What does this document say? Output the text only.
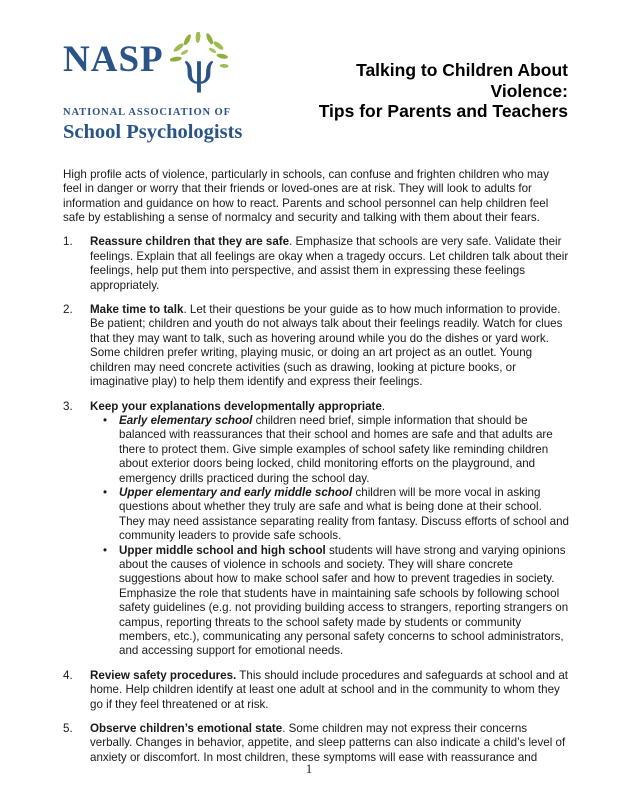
NASP ψ
NATIONAL ASSOCIATION OF
School Psychologists
Talking to Children About Violence:
Tips for Parents and Teachers

High profile acts of violence, particularly in schools, can confuse and frighten children who may feel in danger or worry that their friends or loved-ones are at risk. They will look to adults for information and guidance on how to react. Parents and school personnel can help children feel safe by establishing a sense of normalcy and security and talking with them about their fears.

1.	Reassure children that they are safe. Emphasize that schools are very safe. Validate their feelings. Explain that all feelings are okay when a tragedy occurs. Let children talk about their feelings, help put them into perspective, and assist them in expressing these feelings appropriately.
2.	Make time to talk. Let their questions be your guide as to how much information to provide. Be patient; children and youth do not always talk about their feelings readily. Watch for clues that they may want to talk, such as hovering around while you do the dishes or yard work. Some children prefer writing, playing music, or doing an art project as an outlet. Young children may need concrete activities (such as drawing, looking at picture books, or imaginative play) to help them identify and express their feelings.
3.	Keep your explanations developmentally appropriate.
•	Early elementary school children need brief, simple information that should be balanced with reassurances that their school and homes are safe and that adults are there to protect them. Give simple examples of school safety like reminding children about exterior doors being locked, child monitoring efforts on the playground, and emergency drills practiced during the school day.
•	Upper elementary and early middle school children will be more vocal in asking questions about whether they truly are safe and what is being done at their school. They may need assistance separating reality from fantasy. Discuss efforts of school and community leaders to provide safe schools.
•	Upper middle school and high school students will have strong and varying opinions about the causes of violence in schools and society. They will share concrete suggestions about how to make school safer and how to prevent tragedies in society. Emphasize the role that students have in maintaining safe schools by following school safety guidelines (e.g. not providing building access to strangers, reporting strangers on campus, reporting threats to the school safety made by students or community members, etc.), communicating any personal safety concerns to school administrators, and accessing support for emotional needs.
4.	Review safety procedures. This should include procedures and safeguards at school and at home. Help children identify at least one adult at school and in the community to whom they go if they feel threatened or at risk.
5.	Observe children’s emotional state. Some children may not express their concerns verbally. Changes in behavior, appetite, and sleep patterns can also indicate a child’s level of anxiety or discomfort. In most children, these symptoms will ease with reassurance and
1
